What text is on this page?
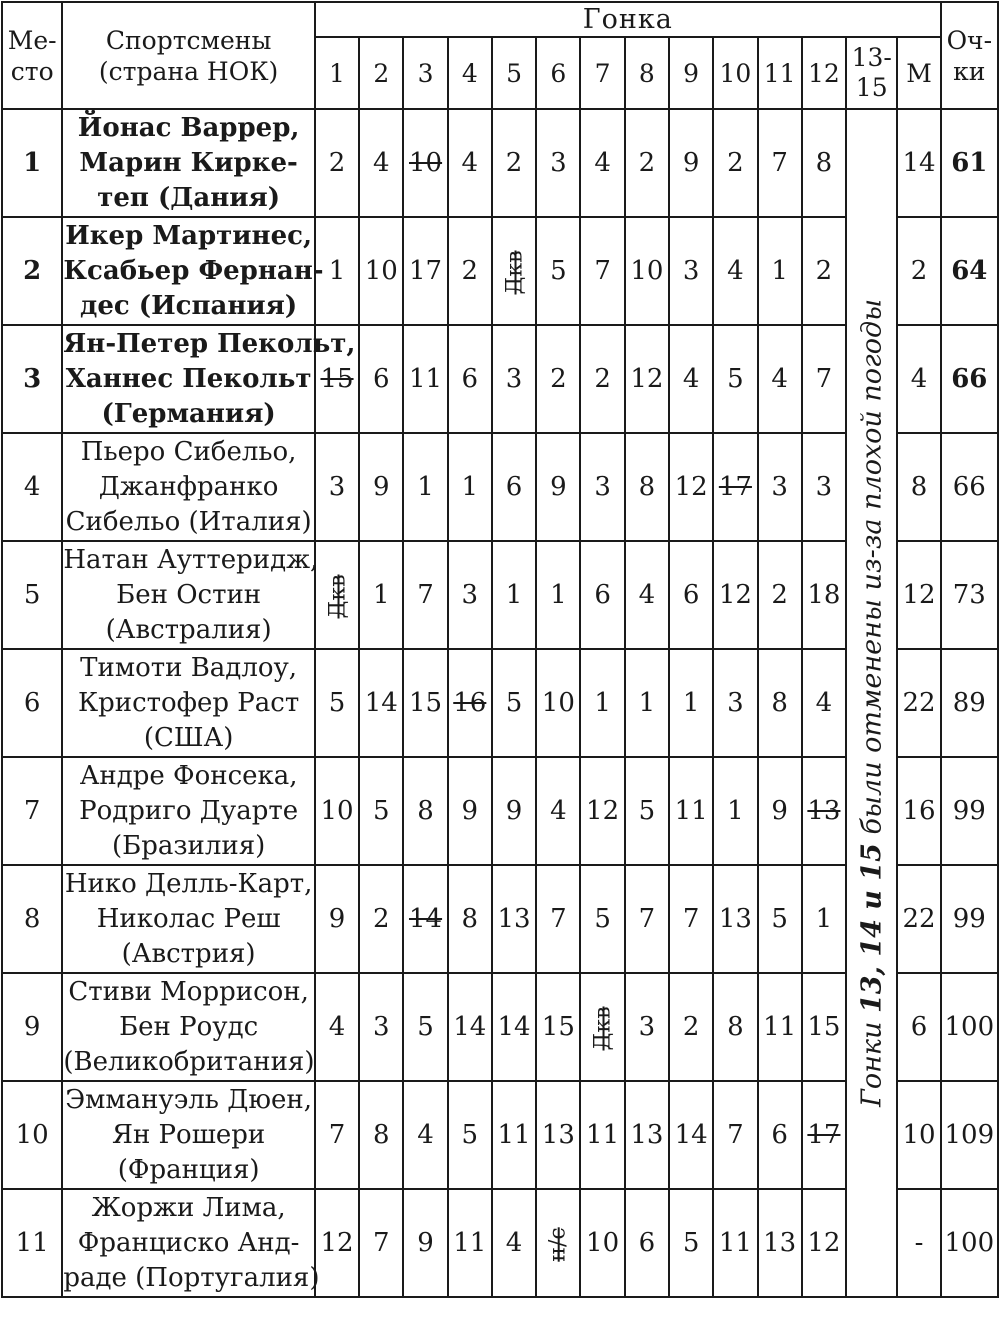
Ме-
сто	Спортсмены
(страна НОК)	Гонка														Оч-
ки
		1	2	3	4	5	6	7	8	9	10	11	12	13-
15	М	
1	Йонас Варрер,
Марин Кирке-
теп (Дания)	2	4	10	4	2	3	4	2	9	2	7	8	Гонки 13, 14 и 15 были отменены из-за плохой погоды	14	61
2	Икер Мартинес,
Ксабьер Фернан-
дес (Испания)	1	10	17	2	Дкв	5	7	10	3	4	1	2		2	64
3	Ян-Петер Пекольт,
Ханнес Пекольт
(Германия)	15	6	11	6	3	2	2	12	4	5	4	7		4	66
4	Пьеро Сибельо,
Джанфранко
Сибельо (Италия)	3	9	1	1	6	9	3	8	12	17	3	3		8	66
5	Натан Ауттеридж,
Бен Остин
(Австралия)	Дкв	1	7	3	1	1	6	4	6	12	2	18		12	73
6	Тимоти Вадлоу,
Кристофер Раст
(США)	5	14	15	16	5	10	1	1	1	3	8	4		22	89
7	Андре Фонсека,
Родриго Дуарте
(Бразилия)	10	5	8	9	9	4	12	5	11	1	9	13		16	99
8	Нико Делль-Карт,
Николас Реш
(Австрия)	9	2	14	8	13	7	5	7	7	13	5	1		22	99
9	Стиви Моррисон,
Бен Роудс
(Великобритания)	4	3	5	14	14	15	Дкв	3	2	8	11	15		6	100
10	Эммануэль Дюен,
Ян Рошери
(Франция)	7	8	4	5	11	13	11	13	14	7	6	17		10	109
11	Жоржи Лима,
Франциско Анд-
раде (Португалия)	12	7	9	11	4	н/с	10	6	5	11	13	12		-	100
